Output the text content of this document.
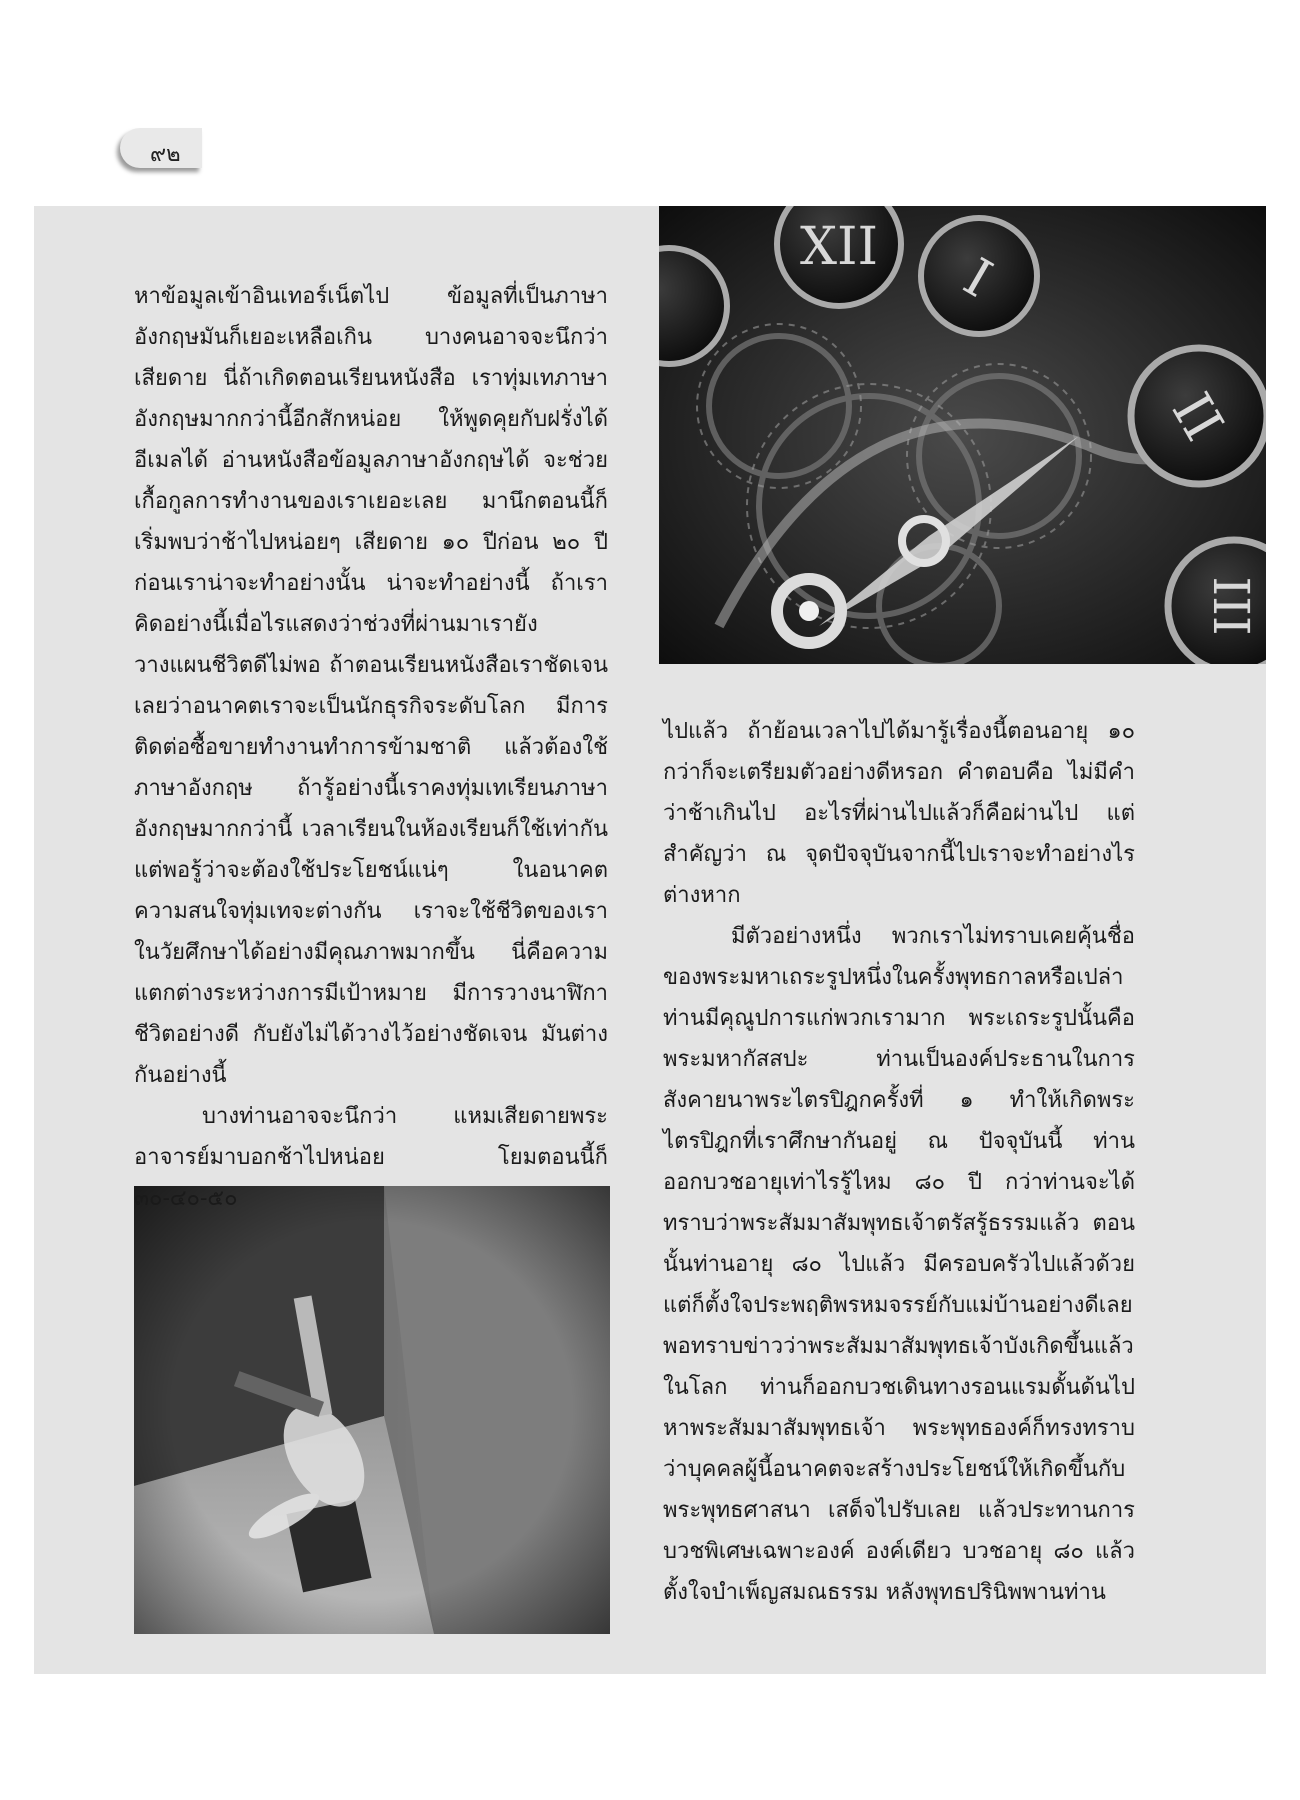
๙๒
XII
I
II
III

หาข้อมูลเข้าอินเทอร์เน็ตไป ข้อมูลที่เป็นภาษาอังกฤษมันก็เยอะเหลือเกิน บางคนอาจจะนึกว่าเสียดาย นี่ถ้าเกิดตอนเรียนหนังสือ เราทุ่มเทภาษาอังกฤษมากกว่านี้อีกสักหน่อย ให้พูดคุยกับฝรั่งได้ อีเมลได้ อ่านหนังสือข้อมูลภาษาอังกฤษได้ จะช่วยเกื้อกูลการทำงานของเราเยอะเลย มานึกตอนนี้ก็เริ่มพบว่าช้าไปหน่อยๆ เสียดาย ๑๐ ปีก่อน ๒๐ ปีก่อนเราน่าจะทำอย่างนั้น น่าจะทำอย่างนี้ ถ้าเราคิดอย่างนี้เมื่อไรแสดงว่าช่วงที่ผ่านมาเรายังวางแผนชีวิตดีไม่พอ ถ้าตอนเรียนหนังสือเราชัดเจนเลยว่าอนาคตเราจะเป็นนักธุรกิจระดับโลก มีการติดต่อซื้อขายทำงานทำการข้ามชาติ แล้วต้องใช้ภาษาอังกฤษ ถ้ารู้อย่างนี้เราคงทุ่มเทเรียนภาษาอังกฤษมากกว่านี้ เวลาเรียนในห้องเรียนก็ใช้เท่ากัน แต่พอรู้ว่าจะต้องใช้ประโยชน์แน่ๆ ในอนาคต ความสนใจทุ่มเทจะต่างกัน เราจะใช้ชีวิตของเราในวัยศึกษาได้อย่างมีคุณภาพมากขึ้น นี่คือความแตกต่างระหว่างการมีเป้าหมาย มีการวางนาฬิกาชีวิตอย่างดี กับยังไม่ได้วางไว้อย่างชัดเจน มันต่างกันอย่างนี้

บางท่านอาจจะนึกว่า แหมเสียดายพระอาจารย์มาบอกช้าไปหน่อย โยมตอนนี้ก็ ๓๐-๔๐-๕๐

ไปแล้ว ถ้าย้อนเวลาไปได้มารู้เรื่องนี้ตอนอายุ ๑๐ กว่าก็จะเตรียมตัวอย่างดีหรอก คำตอบคือ ไม่มีคำว่าช้าเกินไป อะไรที่ผ่านไปแล้วก็คือผ่านไป แต่สำคัญว่า ณ จุดปัจจุบันจากนี้ไปเราจะทำอย่างไรต่างหาก

มีตัวอย่างหนึ่ง พวกเราไม่ทราบเคยคุ้นชื่อของพระมหาเถระรูปหนึ่งในครั้งพุทธกาลหรือเปล่า ท่านมีคุณูปการแก่พวกเรามาก พระเถระรูปนั้นคือพระมหากัสสปะ ท่านเป็นองค์ประธานในการสังคายนาพระไตรปิฎกครั้งที่ ๑ ทำให้เกิดพระไตรปิฎกที่เราศึกษากันอยู่ ณ ปัจจุบันนี้ ท่านออกบวชอายุเท่าไรรู้ไหม ๘๐ ปี กว่าท่านจะได้ทราบว่าพระสัมมาสัมพุทธเจ้าตรัสรู้ธรรมแล้ว ตอนนั้นท่านอายุ ๘๐ ไปแล้ว มีครอบครัวไปแล้วด้วย แต่ก็ตั้งใจประพฤติพรหมจรรย์กับแม่บ้านอย่างดีเลย พอทราบข่าวว่าพระสัมมาสัมพุทธเจ้าบังเกิดขึ้นแล้วในโลก ท่านก็ออกบวชเดินทางรอนแรมดั้นด้นไปหาพระสัมมาสัมพุทธเจ้า พระพุทธองค์ก็ทรงทราบว่าบุคคลผู้นี้อนาคตจะสร้างประโยชน์ให้เกิดขึ้นกับพระพุทธศาสนา เสด็จไปรับเลย แล้วประทานการบวชพิเศษเฉพาะองค์ องค์เดียว บวชอายุ ๘๐ แล้ว ตั้งใจบำเพ็ญสมณธรรม หลังพุทธปรินิพพานท่าน
